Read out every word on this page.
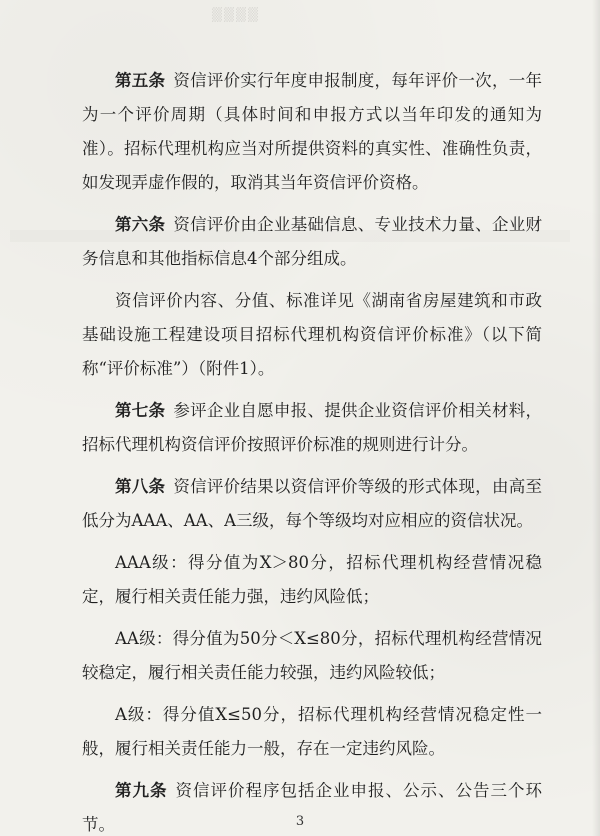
▒▒▒▒

第五条 资信评价实行年度申报制度，每年评价一次，一年为一个评价周期（具体时间和申报方式以当年印发的通知为准）。招标代理机构应当对所提供资料的真实性、准确性负责，如发现弄虚作假的，取消其当年资信评价资格。

第六条 资信评价由企业基础信息、专业技术力量、企业财务信息和其他指标信息4个部分组成。

资信评价内容、分值、标准详见《湖南省房屋建筑和市政基础设施工程建设项目招标代理机构资信评价标准》（以下简称“评价标准”）（附件1）。

第七条 参评企业自愿申报、提供企业资信评价相关材料，招标代理机构资信评价按照评价标准的规则进行计分。

第八条 资信评价结果以资信评价等级的形式体现，由高至低分为AAA、AA、A三级，每个等级均对应相应的资信状况。

AAA级：得分值为X＞80分，招标代理机构经营情况稳定，履行相关责任能力强，违约风险低；

AA级：得分值为50分＜X≤80分，招标代理机构经营情况较稳定，履行相关责任能力较强，违约风险较低；

A级：得分值X≤50分，招标代理机构经营情况稳定性一般，履行相关责任能力一般，存在一定违约风险。

第九条 资信评价程序包括企业申报、公示、公告三个环节。	3
